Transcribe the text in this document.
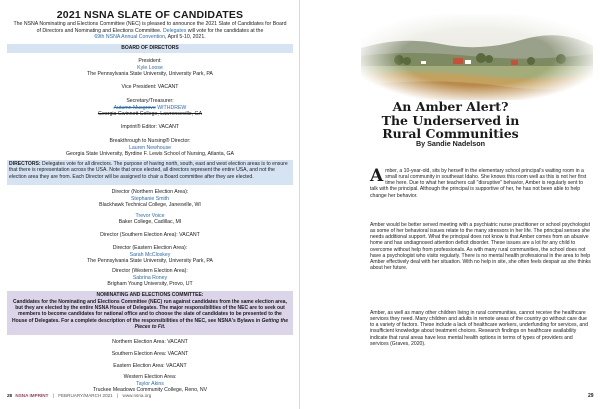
2021 NSNA SLATE OF CANDIDATES
The NSNA Nominating and Elections Committee (NEC) is pleased to announce the 2021 Slate of Candidates for Board of Directors and Nominating and Elections Committee. Delegates will vote for the candidates at the
69th NSNA Annual Convention, April 5-10, 2021.
BOARD OF DIRECTORS
President:
Kyle Loose
The Pennsylvania State University, University Park, PA
Vice President: VACANT
Secretary/Treasurer:
Autumn Musgrove WITHDREW
Georgia Gwinnett College, Lawrenceville, GA
Imprint® Editor: VACANT
Breakthrough to Nursing® Director:
Lauren Newhouse
Georgia State University, Byrdine F. Lewis School of Nursing, Atlanta, GA
DIRECTORS: Delegates vote for all directors. The purpose of having north, south, east and west election areas is to ensure that there is representation across the USA. Note that once elected, all directors represent the entire USA, and not the election area they are from. Each Director will be assigned to chair a Board committee after they are elected.
Director (Northern Election Area):
Stephanie Smith
Blackhawk Technical College, Janesville, WI
Trevor Voice
Baker College, Cadillac, MI
Director (Southern Election Area): VACANT
Director (Eastern Election Area):
Sarah McCloskey
The Pennsylvania State University, University Park, PA
Director (Western Election Area):
Sabrina Roney
Brigham Young University, Provo, UT
NOMINATING AND ELECTIONS COMMITTEE:
Candidates for the Nominating and Elections Committee (NEC) run against candidates from the same election area, but they are elected by the entire NSNA House of Delegates. The major responsibilities of the NEC are to seek out members to become candidates for national office and to choose the slate of candidates to be presented to the House of Delegates. For a complete description of the responsibilities of the NEC, see NSNA's Bylaws in Getting the Pieces to Fit.
Northern Election Area: VACANT
Southern Election Area: VACANT
Eastern Election Area: VACANT
Western Election Area:
Taylor Akins
Truckee Meadows Community College, Reno, NV
28 NSNA IMPRINT | FEBRUARY/MARCH 2021 | www.nsna.org
An Amber Alert?
The Underserved in
Rural Communities
By Sandie Nadelson
A mber, a 10-year-old, sits by herself in the elementary school principal's waiting room in a small rural community in southeast Idaho. She knows this room well as this is not her first time here. Due to what her teachers call "disruptive" behavior, Amber is regularly sent to talk with the principal. Although the principal is supportive of her, he has not been able to help change her behavior.
Amber would be better served meeting with a psychiatric nurse practitioner or school psychologist as some of her behavioral issues relate to the many stressors in her life. The principal senses she needs additional support. What the principal does not know is that Amber comes from an abusive home and has undiagnosed attention deficit disorder. These issues are a lot for any child to overcome without help from professionals. As with many rural communities, the school does not have a psychologist who visits regularly. There is no mental health professional in the area to help Amber effectively deal with her situation. With no help in site, she often feels despair as she thinks about her future.
Amber, as well as many other children living in rural communities, cannot receive the healthcare services they need. Many children and adults in remote areas of the country go without care due to a variety of factors. These include a lack of healthcare workers, underfunding for services, and insufficient knowledge about treatment choices. Research findings on healthcare availability indicate that rural areas have less mental health options in terms of types of providers and services (Graves, 2020).
29
